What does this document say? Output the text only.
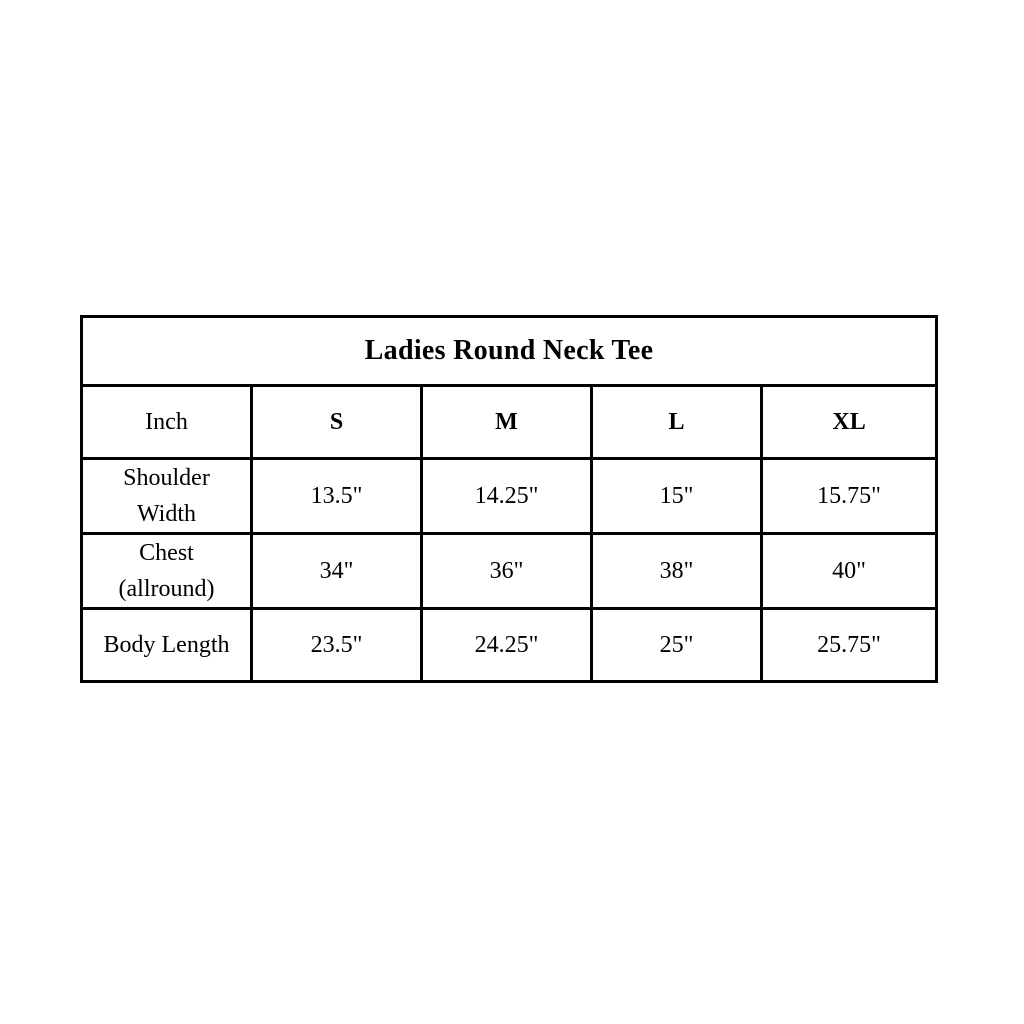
Ladies Round Neck Tee				
Inch	S	M	L	XL
Shoulder Width	13.5"	14.25"	15"	15.75"
Chest (allround)	34"	36"	38"	40"
Body Length	23.5"	24.25"	25"	25.75"
